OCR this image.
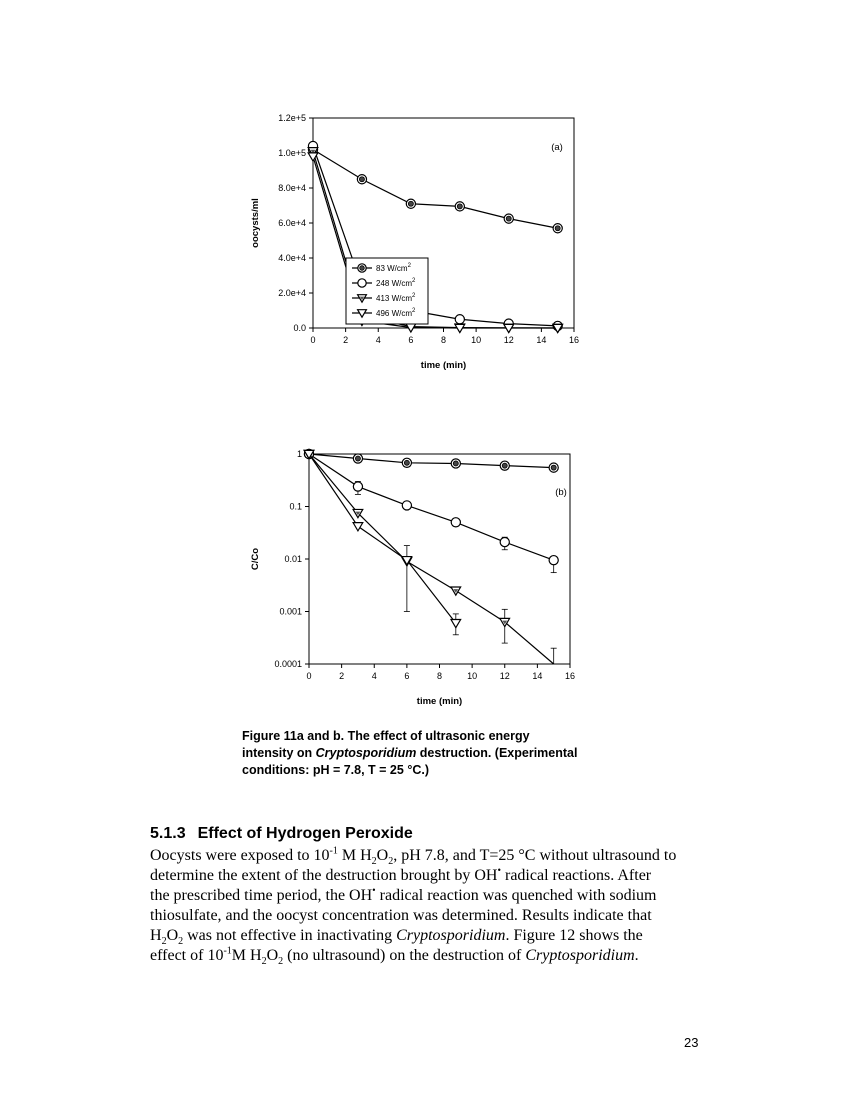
0	2	4	6	8	10	12	14	16
time (min)
0.0
2.0e+4
4.0e+4
6.0e+4
8.0e+4
1.0e+5
1.2e+5
oocysts/ml
(a)
83 $W/cm^2$
248 $W/cm^2$
413 $W/cm^2$
496 $W/cm^2$
0	2	4	6	8	10	12	14	16
time (min)
0.0001
0.001
0.01
0.1
1
C/Co
(b)
Figure 11a and b. The effect of ultrasonic energy
intensity on Cryptosporidium destruction. (Experimental
conditions: pH = 7.8, T = 25 °C.)
5.1.3 Effect of Hydrogen Peroxide
Oocysts were exposed to $10^{-1}$ M $H_2O_2$, pH 7.8, and T=25 °C without ultrasound to
determine the extent of the destruction brought by OH• radical reactions. After
the prescribed time period, the OH• radical reaction was quenched with sodium
thiosulfate, and the oocyst concentration was determined. Results indicate that
$H_2O_2$ was not effective in inactivating Cryptosporidium. Figure 12 shows the
effect of $10^{-1}M$ $H_2O_2$ (no ultrasound) on the destruction of Cryptosporidium.
23
